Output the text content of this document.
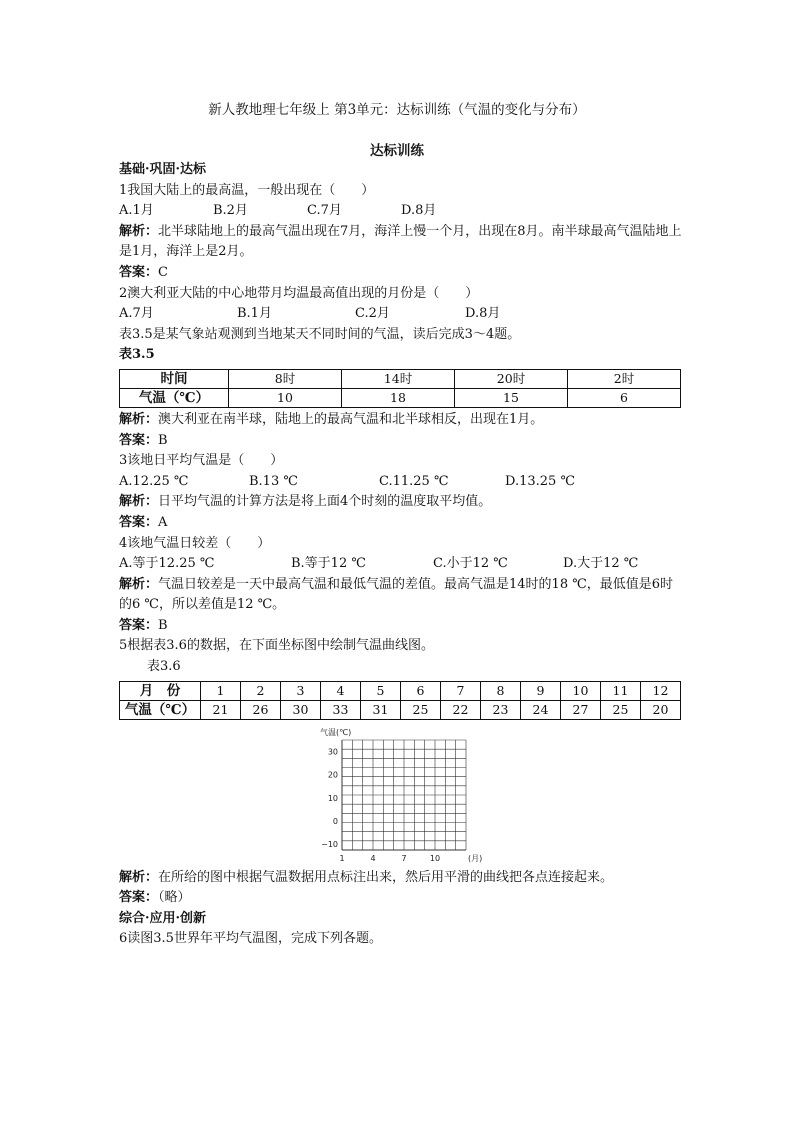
新人教地理七年级上 第3单元：达标训练（气温的变化与分布）
达标训练
基础·巩固·达标
1我国大陆上的最高温，一般出现在（　　）
A.1月	B.2月	C.7月	D.8月
解析：北半球陆地上的最高气温出现在7月，海洋上慢一个月，出现在8月。南半球最高气温陆地上是1月，海洋上是2月。
答案：C
2澳大利亚大陆的中心地带月均温最高值出现的月份是（　　）
A.7月	B.1月	C.2月	D.8月
表3.5是某气象站观测到当地某天不同时间的气温，读后完成3～4题。
表3.5
时间	8时	14时	20时	2时
气温（℃）	10	18	15	6
解析：澳大利亚在南半球，陆地上的最高气温和北半球相反，出现在1月。
答案：B
3该地日平均气温是（　　）
A.12.25 ℃	B.13 ℃	C.11.25 ℃	D.13.25 ℃
解析：日平均气温的计算方法是将上面4个时刻的温度取平均值。
答案：A
4该地气温日较差（　　）
A.等于12.25 ℃	B.等于12 ℃	C.小于12 ℃	D.大于12 ℃
解析：气温日较差是一天中最高气温和最低气温的差值。最高气温是14时的18 ℃，最低值是6时的6 ℃，所以差值是12 ℃。
答案：B
5根据表3.6的数据，在下面坐标图中绘制气温曲线图。
表3.6
月　份	1	2	3	4	5	6	7	8	9	10	11	12
气温（℃）	21	26	30	33	31	25	22	23	24	27	25	20
气温(℃)
30
20
10
0
−10
1	4	7	10	(月)
解析：在所给的图中根据气温数据用点标注出来，然后用平滑的曲线把各点连接起来。
答案：（略）
综合·应用·创新
6读图3.5世界年平均气温图，完成下列各题。
